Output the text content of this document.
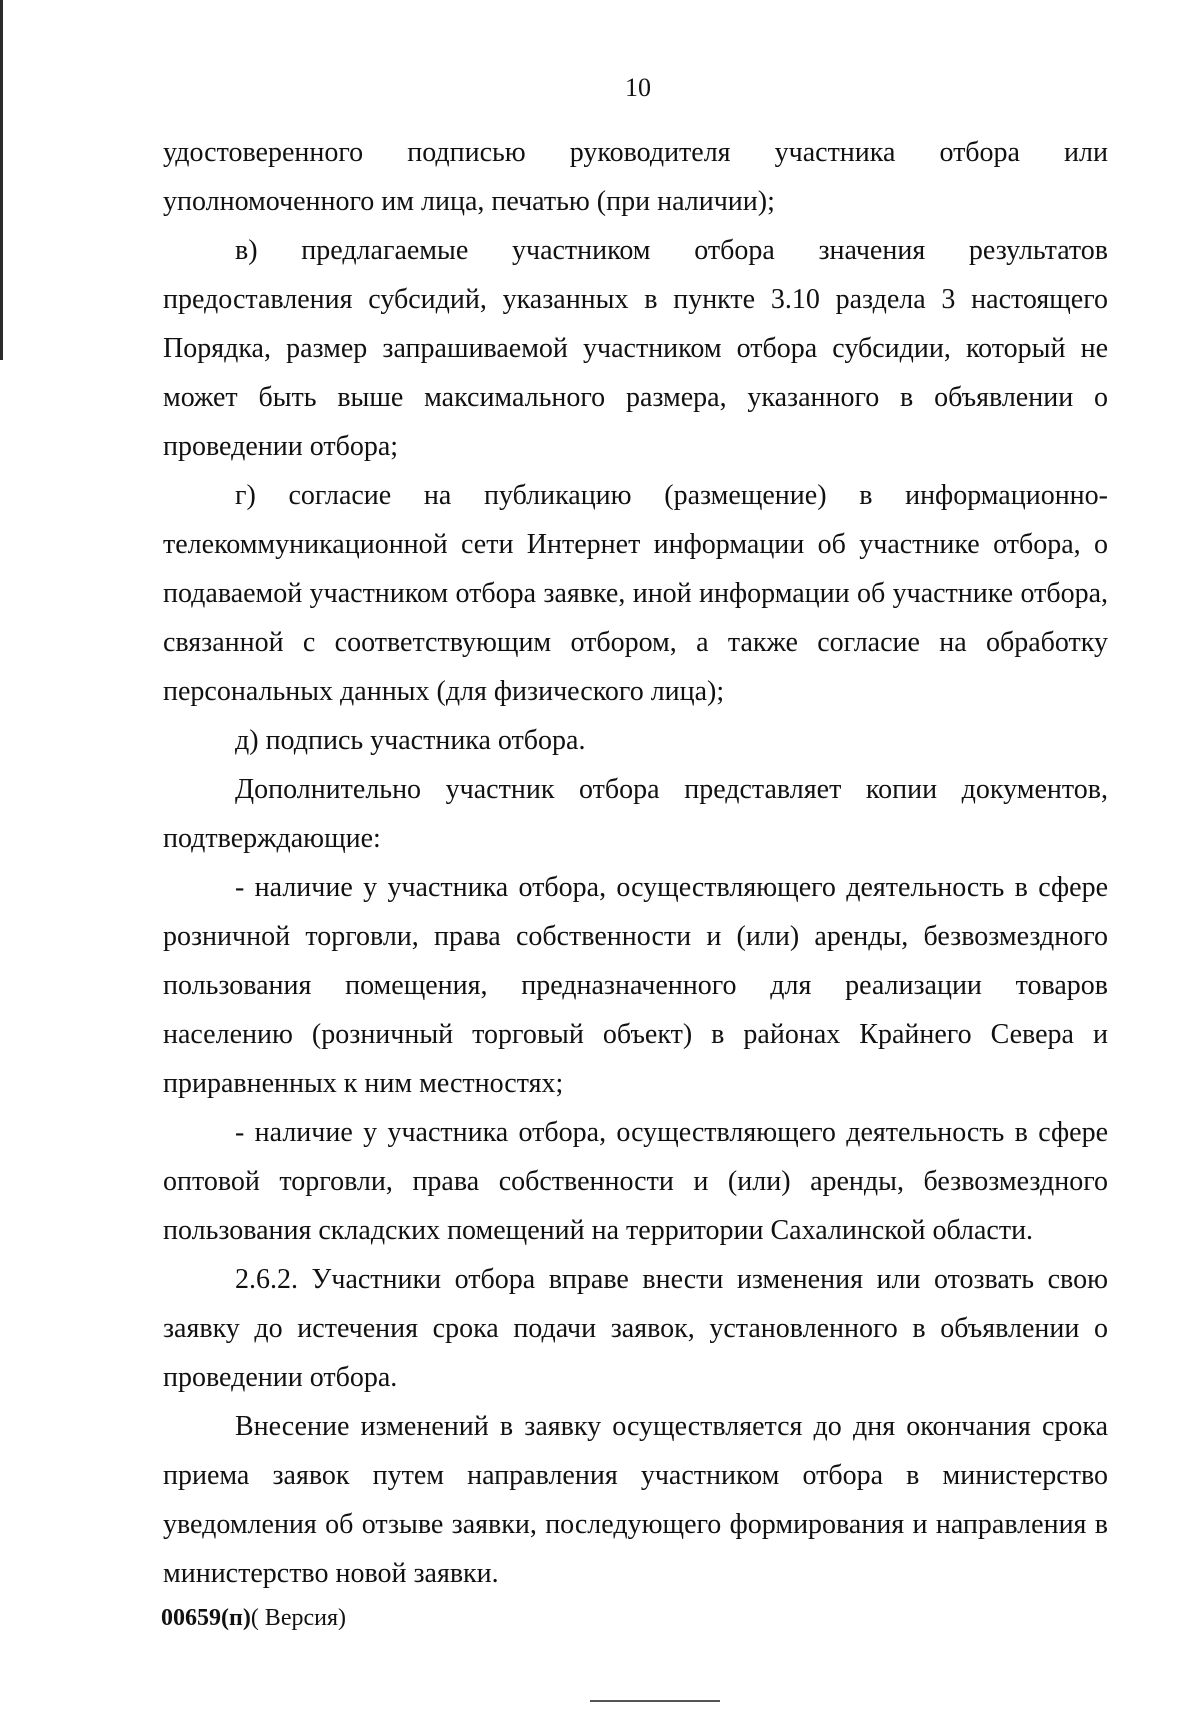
10

удостоверенного подписью руководителя участника отбора или уполномоченного им лица, печатью (при наличии);

в) предлагаемые участником отбора значения результатов предоставления субсидий, указанных в пункте 3.10 раздела 3 настоящего Порядка, размер запрашиваемой участником отбора субсидии, который не может быть выше максимального размера, указанного в объявлении о проведении отбора;

г) согласие на публикацию (размещение) в информационно-телекоммуникационной сети Интернет информации об участнике отбора, о подаваемой участником отбора заявке, иной информации об участнике отбора, связанной с соответствующим отбором, а также согласие на обработку персональных данных (для физического лица);

д) подпись участника отбора.

Дополнительно участник отбора представляет копии документов, подтверждающие:

- наличие у участника отбора, осуществляющего деятельность в сфере розничной торговли, права собственности и (или) аренды, безвозмездного пользования помещения, предназначенного для реализации товаров населению (розничный торговый объект) в районах Крайнего Севера и приравненных к ним местностях;

- наличие у участника отбора, осуществляющего деятельность в сфере оптовой торговли, права собственности и (или) аренды, безвозмездного пользования складских помещений на территории Сахалинской области.

2.6.2. Участники отбора вправе внести изменения или отозвать свою заявку до истечения срока подачи заявок, установленного в объявлении о проведении отбора.

Внесение изменений в заявку осуществляется до дня окончания срока приема заявок путем направления участником отбора в министерство уведомления об отзыве заявки, последующего формирования и направления в министерство новой заявки.

00659(п)( Версия)
